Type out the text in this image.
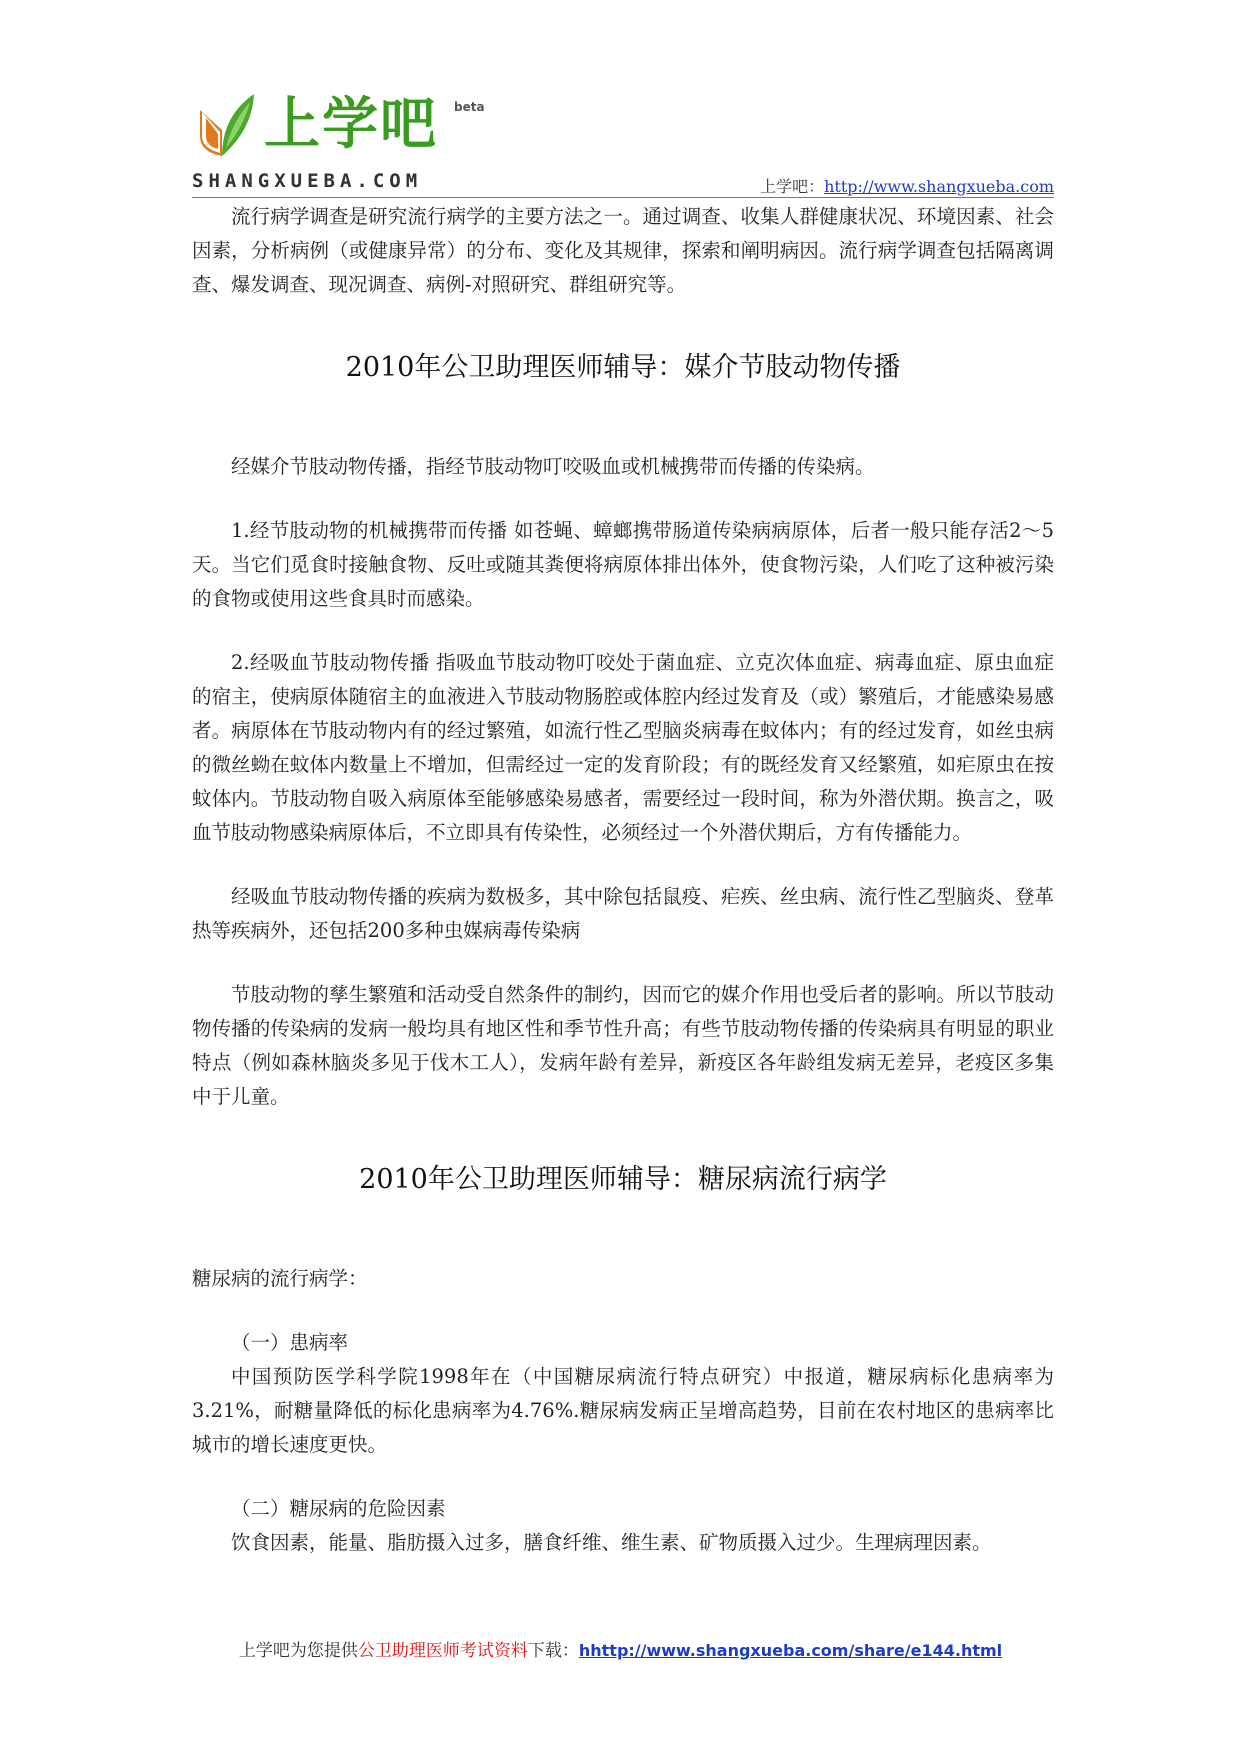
上学吧 beta
SHANGXUEBA.COM	上学吧：http://www.shangxueba.com

流行病学调查是研究流行病学的主要方法之一。通过调查、收集人群健康状况、环境因素、社会因素，分析病例（或健康异常）的分布、变化及其规律，探索和阐明病因。流行病学调查包括隔离调查、爆发调查、现况调查、病例-对照研究、群组研究等。

2010年公卫助理医师辅导：媒介节肢动物传播

经媒介节肢动物传播，指经节肢动物叮咬吸血或机械携带而传播的传染病。

1.经节肢动物的机械携带而传播 如苍蝇、蟑螂携带肠道传染病病原体，后者一般只能存活2～5天。当它们觅食时接触食物、反吐或随其粪便将病原体排出体外，使食物污染，人们吃了这种被污染的食物或使用这些食具时而感染。

2.经吸血节肢动物传播 指吸血节肢动物叮咬处于菌血症、立克次体血症、病毒血症、原虫血症的宿主，使病原体随宿主的血液进入节肢动物肠腔或体腔内经过发育及（或）繁殖后，才能感染易感者。病原体在节肢动物内有的经过繁殖，如流行性乙型脑炎病毒在蚊体内；有的经过发育，如丝虫病的微丝蚴在蚊体内数量上不增加，但需经过一定的发育阶段；有的既经发育又经繁殖，如疟原虫在按蚊体内。节肢动物自吸入病原体至能够感染易感者，需要经过一段时间，称为外潜伏期。换言之，吸血节肢动物感染病原体后，不立即具有传染性，必须经过一个外潜伏期后，方有传播能力。

经吸血节肢动物传播的疾病为数极多，其中除包括鼠疫、疟疾、丝虫病、流行性乙型脑炎、登革热等疾病外，还包括200多种虫媒病毒传染病

节肢动物的孳生繁殖和活动受自然条件的制约，因而它的媒介作用也受后者的影响。所以节肢动物传播的传染病的发病一般均具有地区性和季节性升高；有些节肢动物传播的传染病具有明显的职业特点（例如森林脑炎多见于伐木工人），发病年龄有差异，新疫区各年龄组发病无差异，老疫区多集中于儿童。

2010年公卫助理医师辅导：糖尿病流行病学

糖尿病的流行病学：

（一）患病率

中国预防医学科学院1998年在（中国糖尿病流行特点研究）中报道，糖尿病标化患病率为3.21%，耐糖量降低的标化患病率为4.76%.糖尿病发病正呈增高趋势，目前在农村地区的患病率比城市的增长速度更快。

（二）糖尿病的危险因素

饮食因素，能量、脂肪摄入过多，膳食纤维、维生素、矿物质摄入过少。生理病理因素。

上学吧为您提供公卫助理医师考试资料下载：hhttp://www.shangxueba.com/share/e144.html
